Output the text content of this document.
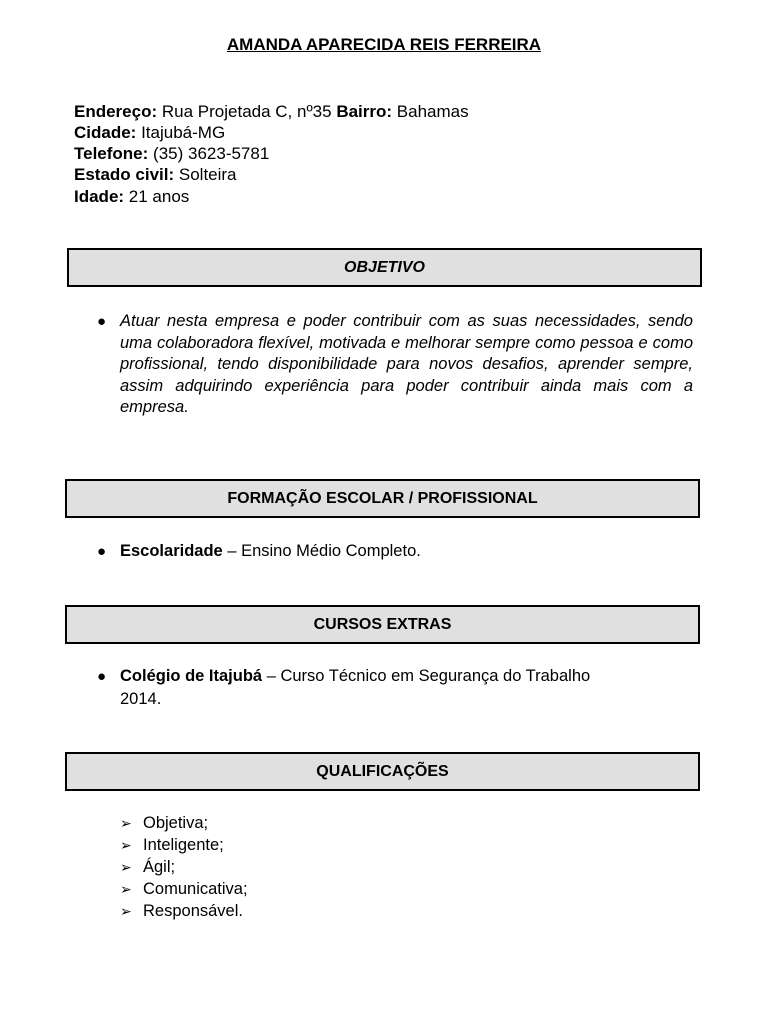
AMANDA APARECIDA REIS FERREIRA
Endereço: Rua Projetada C, nº35 Bairro: Bahamas
Cidade: Itajubá-MG
Telefone: (35) 3623-5781
Estado civil: Solteira
Idade: 21 anos
OBJETIVO
● Atuar nesta empresa e poder contribuir com as suas necessidades, sendo uma colaboradora flexível, motivada e melhorar sempre como pessoa e como profissional, tendo disponibilidade para novos desafios, aprender sempre, assim adquirindo experiência para poder contribuir ainda mais com a empresa.
FORMAÇÃO ESCOLAR / PROFISSIONAL
● Escolaridade – Ensino Médio Completo.
CURSOS EXTRAS
● Colégio de Itajubá – Curso Técnico em Segurança do Trabalho
2014.
QUALIFICAÇÕES
➢ Objetiva;
➢ Inteligente;
➢ Ágil;
➢ Comunicativa;
➢ Responsável.
